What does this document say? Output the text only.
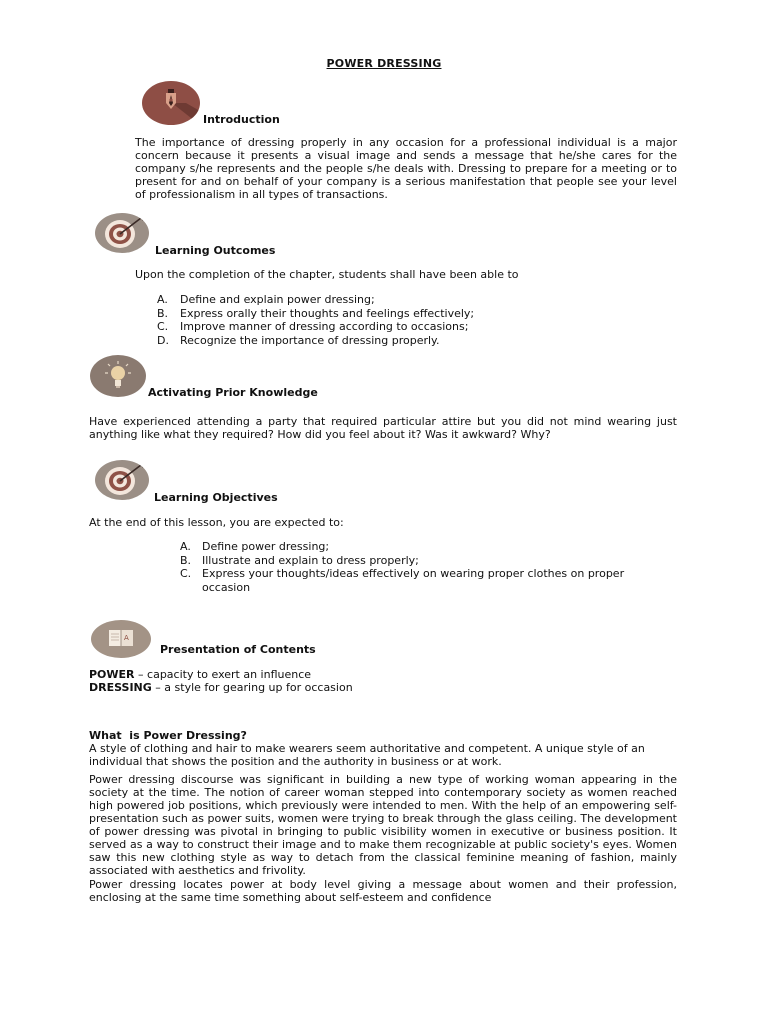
POWER DRESSING
Introduction
The importance of dressing properly in any occasion for a professional individual is a major concern because it presents a visual image and sends a message that he/she cares for the company s/he represents and the people s/he deals with. Dressing to prepare for a meeting or to present for and on behalf of your company is a serious manifestation that people see your level of professionalism in all types of transactions.
Learning Outcomes
Upon the completion of the chapter, students shall have been able to
A. Define and explain power dressing;
B. Express orally their thoughts and feelings effectively;
C. Improve manner of dressing according to occasions;
D. Recognize the importance of dressing properly.
Activating Prior Knowledge
Have experienced attending a party that required particular attire but you did not mind wearing just anything like what they required? How did you feel about it? Was it awkward? Why?
Learning Objectives
At the end of this lesson, you are expected to:
A. Define power dressing;
B. Illustrate and explain to dress properly;
C. Express your thoughts/ideas effectively on wearing proper clothes on proper occasion
A
Presentation of Contents
POWER – capacity to exert an influence
DRESSING – a style for gearing up for occasion
What  is Power Dressing?
A style of clothing and hair to make wearers seem authoritative and competent. A unique style of an individual that shows the position and the authority in business or at work.
Power dressing discourse was significant in building a new type of working woman appearing in the society at the time. The notion of career woman stepped into contemporary society as women reached high powered job positions, which previously were intended to men. With the help of an empowering self-presentation such as power suits, women were trying to break through the glass ceiling. The development of power dressing was pivotal in bringing to public visibility women in executive or business position. It served as a way to construct their image and to make them recognizable at public society's eyes. Women saw this new clothing style as way to detach from the classical feminine meaning of fashion, mainly associated with aesthetics and frivolity.
Power dressing locates power at body level giving a message about women and their profession, enclosing at the same time something about self-esteem and confidence
